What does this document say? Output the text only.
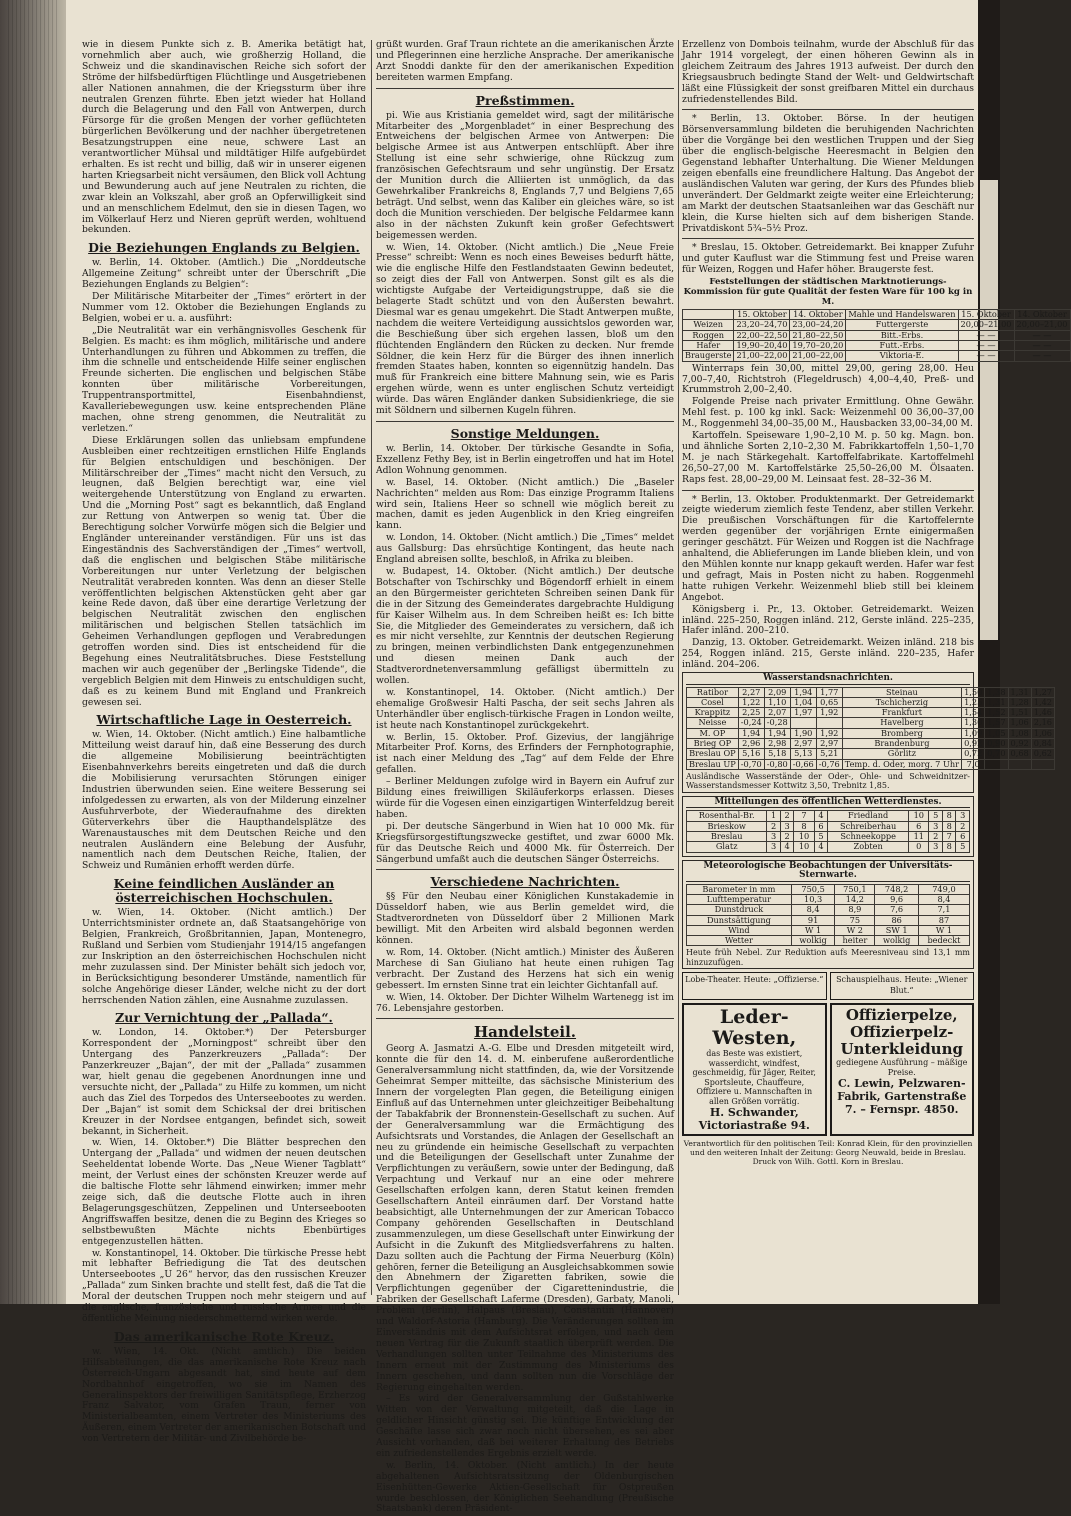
wie in diesem Punkte sich z. B. Amerika betätigt hat, vornehmlich aber auch, wie großherzig Holland, die Schweiz und die skandinavischen Reiche sich sofort der Ströme der hilfsbedürftigen Flüchtlinge und Ausgetriebenen aller Nationen annahmen, die der Kriegssturm über ihre neutralen Grenzen führte. Eben jetzt wieder hat Holland durch die Belagerung und den Fall von Antwerpen, durch Fürsorge für die großen Mengen der vorher geflüchteten bürgerlichen Bevölkerung und der nachher übergetretenen Besatzungstruppen eine neue, schwere Last an verantwortlicher Mühsal und mildtätiger Hilfe aufgebürdet erhalten. Es ist recht und billig, daß wir in unserer eigenen harten Kriegsarbeit nicht versäumen, den Blick voll Achtung und Bewunderung auch auf jene Neutralen zu richten, die zwar klein an Volkszahl, aber groß an Opferwilligkeit sind und an menschlichem Edelmut, den sie in diesen Tagen, wo im Völkerlauf Herz und Nieren geprüft werden, wohltuend bekunden.

Die Beziehungen Englands zu Belgien.

w. Berlin, 14. Oktober. (Amtlich.) Die „Norddeutsche Allgemeine Zeitung“ schreibt unter der Überschrift „Die Beziehungen Englands zu Belgien“:

Der Militärische Mitarbeiter der „Times“ erörtert in der Nummer vom 12. Oktober die Beziehungen Englands zu Belgien, wobei er u. a. ausführt:

„Die Neutralität war ein verhängnisvolles Geschenk für Belgien. Es macht: es ihm möglich, militärische und andere Unterhandlungen zu führen und Abkommen zu treffen, die ihm die schnelle und entscheidende Hilfe seiner englischen Freunde sicherten. Die englischen und belgischen Stäbe konnten über militärische Vorbereitungen, Truppentransportmittel, Eisenbahndienst, Kavalleriebewegungen usw. keine entsprechenden Pläne machen, ohne streng genommen, die Neutralität zu verletzen.“

Diese Erklärungen sollen das unliebsam empfundene Ausbleiben einer rechtzeitigen ernstlichen Hilfe Englands für Belgien entschuldigen und beschönigen. Der Militärschreiber der „Times“ macht nicht den Versuch, zu leugnen, daß Belgien berechtigt war, eine viel weitergehende Unterstützung von England zu erwarten. Und die „Morning Post“ sagt es bekanntlich, daß England zur Rettung von Antwerpen so wenig tat. Über die Berechtigung solcher Vorwürfe mögen sich die Belgier und Engländer untereinander verständigen. Für uns ist das Eingeständnis des Sachverständigen der „Times“ wertvoll, daß die englischen und belgischen Stäbe militärische Vorbereitungen nur unter Verletzung der belgischen Neutralität verabreden konnten. Was denn an dieser Stelle veröffentlichten belgischen Aktenstücken geht aber gar keine Rede davon, daß über eine derartige Verletzung der belgischen Neutralität zwischen den englischen militärischen und belgischen Stellen tatsächlich im Geheimen Verhandlungen gepflogen und Verabredungen getroffen worden sind. Dies ist entscheidend für die Begehung eines Neutralitätsbruches. Diese Feststellung machen wir auch gegenüber der „Berlingske Tidende“, die vergeblich Belgien mit dem Hinweis zu entschuldigen sucht, daß es zu keinem Bund mit England und Frankreich gewesen sei.

Wirtschaftliche Lage in Oesterreich.

w. Wien, 14. Oktober. (Nicht amtlich.) Eine halbamtliche Mitteilung weist darauf hin, daß eine Besserung des durch die allgemeine Mobilisierung beeinträchtigten Eisenbahnverkehrs bereits eingetreten und daß die durch die Mobilisierung verursachten Störungen einiger Industrien überwunden seien. Eine weitere Besserung sei infolgedessen zu erwarten, als von der Milderung einzelner Ausfuhrverbote, der Wiederaufnahme des direkten Güterverkehrs über die Haupthandelsplätze des Warenaustausches mit dem Deutschen Reiche und den neutralen Ausländern eine Belebung der Ausfuhr, namentlich nach dem Deutschen Reiche, Italien, der Schweiz und Rumänien erhofft werden dürfe.

Keine feindlichen Ausländer an österreichischen Hochschulen.

w. Wien, 14. Oktober. (Nicht amtlich.) Der Unterrichtsminister ordnete an, daß Staatsangehörige von Belgien, Frankreich, Großbritannien, Japan, Montenegro, Rußland und Serbien vom Studienjahr 1914/15 angefangen zur Inskription an den österreichischen Hochschulen nicht mehr zuzulassen sind. Der Minister behält sich jedoch vor, in Berücksichtigung besonderer Umstände, namentlich für solche Angehörige dieser Länder, welche nicht zu der dort herrschenden Nation zählen, eine Ausnahme zuzulassen.

Zur Vernichtung der „Pallada“.

w. London, 14. Oktober.*) Der Petersburger Korrespondent der „Morningpost“ schreibt über den Untergang des Panzerkreuzers „Pallada“: Der Panzerkreuzer „Bajan“, der mit der „Pallada“ zusammen war, hielt genau die gegebenen Anordnungen inne und versuchte nicht, der „Pallada“ zu Hilfe zu kommen, um nicht auch das Ziel des Torpedos des Unterseebootes zu werden. Der „Bajan“ ist somit dem Schicksal der drei britischen Kreuzer in der Nordsee entgangen, befindet sich, soweit bekannt, in Sicherheit.

w. Wien, 14. Oktober.*) Die Blätter besprechen den Untergang der „Pallada“ und widmen der neuen deutschen Seeheldentat lobende Worte. Das „Neue Wiener Tagblatt“ meint, der Verlust eines der schönsten Kreuzer werde auf die baltische Flotte sehr lähmend einwirken; immer mehr zeige sich, daß die deutsche Flotte auch in ihren Belagerungsgeschützen, Zeppelinen und Unterseebooten Angriffswaffen besitze, denen die zu Beginn des Krieges so selbstbewußten Mächte nichts Ebenbürtiges entgegenzustellen hätten.

w. Konstantinopel, 14. Oktober. Die türkische Presse hebt mit lebhafter Befriedigung die Tat des deutschen Unterseebootes „U 26“ hervor, das den russischen Kreuzer „Pallada“ zum Sinken brachte und stellt fest, daß die Tat die Moral der deutschen Truppen noch mehr steigern und auf die englische, französische und russische Armee und die öffentliche Meinung niederschmetternd wirken werde.

Das amerikanische Rote Kreuz.

w. Wien, 14. Okt. (Nicht amtlich.) Die beiden Hilfsabteilungen, die das amerikanische Rote Kreuz nach Österreich-Ungarn abgesandt hat, sind heute auf dem Nordbahnhof eingetroffen, wo sie im Namen des Generalinspektors der freiwilligen Sanitätspflege, Erzherzog Franz Salvator, vom Grafen Traun, ferner von Ministerialbeamten, einem Vertreter des Ministeriums des Äußeren, einem Vertreter der amerikanischen Botschaft und von Vertretern der Militär- und Zivilbehörde be-

grüßt wurden. Graf Traun richtete an die amerikanischen Ärzte und Pflegerinnen eine herzliche Ansprache. Der amerikanische Arzt Snoddi dankte für den der amerikanischen Expedition bereiteten warmen Empfang.

Preßstimmen.

pi. Wie aus Kristiania gemeldet wird, sagt der militärische Mitarbeiter des „Morgenbladet“ in einer Besprechung des Entweichens der belgischen Armee von Antwerpen: Die belgische Armee ist aus Antwerpen entschlüpft. Aber ihre Stellung ist eine sehr schwierige, ohne Rückzug zum französischen Gefechtsraum und sehr ungünstig. Der Ersatz der Munition durch die Alliierten ist unmöglich, da das Gewehrkaliber Frankreichs 8, Englands 7,7 und Belgiens 7,65 beträgt. Und selbst, wenn das Kaliber ein gleiches wäre, so ist doch die Munition verschieden. Der belgische Feldarmee kann also in der nächsten Zukunft kein großer Gefechtswert beigemessen werden.

w. Wien, 14. Oktober. (Nicht amtlich.) Die „Neue Freie Presse“ schreibt: Wenn es noch eines Beweises bedurft hätte, wie die englische Hilfe den Festlandstaaten Gewinn bedeutet, so zeigt dies der Fall von Antwerpen. Sonst gilt es als die wichtigste Aufgabe der Verteidigungstruppe, daß sie die belagerte Stadt schützt und von den Äußersten bewahrt. Diesmal war es genau umgekehrt. Die Stadt Antwerpen mußte, nachdem die weitere Verteidigung aussichtslos geworden war, die Beschießung über sich ergehen lassen, bloß um den flüchtenden Engländern den Rücken zu decken. Nur fremde Söldner, die kein Herz für die Bürger des ihnen innerlich fremden Staates haben, konnten so eigennützig handeln. Das muß für Frankreich eine bittere Mahnung sein, wie es Paris ergehen würde, wenn es unter englischen Schutz verteidigt würde. Das wären Engländer danken Subsidienkriege, die sie mit Söldnern und silbernen Kugeln führen.

Sonstige Meldungen.

w. Berlin, 14. Oktober. Der türkische Gesandte in Sofia, Exzellenz Fethy Bey, ist in Berlin eingetroffen und hat im Hotel Adlon Wohnung genommen.

w. Basel, 14. Oktober. (Nicht amtlich.) Die „Baseler Nachrichten“ melden aus Rom: Das einzige Programm Italiens wird sein, Italiens Heer so schnell wie möglich bereit zu machen, damit es jeden Augenblick in den Krieg eingreifen kann.

w. London, 14. Oktober. (Nicht amtlich.) Die „Times“ meldet aus Gallsburg: Das ehrsüchtige Kontingent, das heute nach England abreisen sollte, beschloß, in Afrika zu bleiben.

w. Budapest, 14. Oktober. (Nicht amtlich.) Der deutsche Botschafter von Tschirschky und Bögendorff erhielt in einem an den Bürgermeister gerichteten Schreiben seinen Dank für die in der Sitzung des Gemeinderates dargebrachte Huldigung für Kaiser Wilhelm aus. In dem Schreiben heißt es: Ich bitte Sie, die Mitglieder des Gemeinderates zu versichern, daß ich es mir nicht versehlte, zur Kenntnis der deutschen Regierung zu bringen, meinen verbindlichsten Dank entgegenzunehmen und diesen meinen Dank auch der Stadtverordnetenversammlung gefälligst übermitteln zu wollen.

w. Konstantinopel, 14. Oktober. (Nicht amtlich.) Der ehemalige Großwesir Halti Pascha, der seit sechs Jahren als Unterhändler über englisch-türkische Fragen in London weilte, ist heute nach Konstantinopel zurückgekehrt.

w. Berlin, 15. Oktober. Prof. Gizevius, der langjährige Mitarbeiter Prof. Korns, des Erfinders der Fernphotographie, ist nach einer Meldung des „Tag“ auf dem Felde der Ehre gefallen.

– Berliner Meldungen zufolge wird in Bayern ein Aufruf zur Bildung eines freiwilligen Skiläuferkorps erlassen. Dieses würde für die Vogesen einen einzigartigen Winterfeldzug bereit haben.

pi. Der deutsche Sängerbund in Wien hat 10 000 Mk. für Kriegsfürsorgestiftungszwecke gestiftet, und zwar 6000 Mk. für das Deutsche Reich und 4000 Mk. für Österreich. Der Sängerbund umfaßt auch die deutschen Sänger Österreichs.

Verschiedene Nachrichten.

§§ Für den Neubau einer Königlichen Kunstakademie in Düsseldorf haben, wie aus Berlin gemeldet wird, die Stadtverordneten von Düsseldorf über 2 Millionen Mark bewilligt. Mit den Arbeiten wird alsbald begonnen werden können.

w. Rom, 14. Oktober. (Nicht amtlich.) Minister des Äußeren Marchese di San Giuliano hat heute einen ruhigen Tag verbracht. Der Zustand des Herzens hat sich ein wenig gebessert. Im ernsten Sinne trat ein leichter Gichtanfall auf.

w. Wien, 14. Oktober. Der Dichter Wilhelm Wartenegg ist im 76. Lebensjahre gestorben.

Handelsteil.

Georg A. Jasmatzi A.-G. Elbe und Dresden mitgeteilt wird, konnte die für den 14. d. M. einberufene außerordentliche Generalversammlung nicht stattfinden, da, wie der Vorsitzende Geheimrat Semper mitteilte, das sächsische Ministerium des Innern der vorgelegten Plan gegen, die Beteiligung einigen Einfluß auf das Unternehmen unter gleichzeitiger Beibehaltung der Tabakfabrik der Bronnenstein-Gesellschaft zu suchen. Auf der Generalversammlung war die Ermächtigung des Aufsichtsrats und Vorstandes, die Anlagen der Gesellschaft an neu zu gründende ein heimische Gesellschaft zu verpachten und die Beteiligungen der Gesellschaft unter Zunahme der Verpflichtungen zu veräußern, sowie unter der Bedingung, daß Verpachtung und Verkauf nur an eine oder mehrere Gesellschaften erfolgen kann, deren Statut keinen fremden Gesellschaftern Anteil einräumen darf. Der Vorstand hatte beabsichtigt, alle Unternehmungen der zur American Tobacco Company gehörenden Gesellschaften in Deutschland zusammenzulegen, um diese Gesellschaft unter Einwirkung der Aufsicht in die Zukunft des Mitgliedsverfahrens zu halten. Dazu sollten auch die Pachtung der Firma Neuerburg (Köln) gehören, ferner die Beteiligung an Ausgleichsabkommen sowie den Abnehmern der Zigaretten fabriken, sowie die Verpflichtungen gegenüber der Cigarettenindustrie, die Fabriken der Gesellschaft Laferme (Dresden), Garbaty, Manoli, Problem (Berlin), Halpaus (Breslau), Constantin (Hannover) und Waldorf-Astoria (Hamburg). Die Veränderungen sollten im Einverständnis mit dem Aufsichtsrat erfolgen, und nach dem neuen Vertrag für die Zukunft staatlich überprüft werden. Die Verhandlungen sollten unter Teilnahme des Ministeriums des Innern erneut mit der Zustimmung des Ministeriums des Innern geschehen, und dann sollten nun die Vorschläge der Regierung eingehalten werden.

– Es wird der Generalversammlung der Gußstahlwerke Witten von der Verwaltung mitgeteilt, daß die Lage in geldlicher Hinsicht günstig sei. Die künftige Entwicklung der Geschäfte lasse sich zwar noch nicht übersehen, es sei aber Aussicht vorhanden, daß bei weiterer Erhaltung des Betriebs ein zufriedenstellendes Ergebnis erzielt werde.

w. Berlin, 14. Oktober. (Nicht amtlich.) In der heute abgehaltenen Aufsichtsratssitzung der Oldenburgischen Eisenhütten-Gewerke Aktien-Gesellschaft für Ostpreußen wurde beschlossen, der Königlichen Seehandlung (Preußische Staatsbank) deren Präsident-

Erzellenz von Dombois teilnahm, wurde der Abschluß für das Jahr 1914 vorgelegt, der einen höheren Gewinn als in gleichem Zeitraum des Jahres 1913 aufweist. Der durch den Kriegsausbruch bedingte Stand der Welt- und Geldwirtschaft läßt eine Flüssigkeit der sonst greifbaren Mittel ein durchaus zufriedenstellendes Bild.

* Berlin, 13. Oktober. Börse. In der heutigen Börsenversammlung bildeten die beruhigenden Nachrichten über die Vorgänge bei den westlichen Truppen und der Sieg über die englisch-belgische Heeresmacht in Belgien den Gegenstand lebhafter Unterhaltung. Die Wiener Meldungen zeigen ebenfalls eine freundlichere Haltung. Das Angebot der ausländischen Valuten war gering, der Kurs des Pfundes blieb unverändert. Der Geldmarkt zeigte weiter eine Erleichterung; am Markt der deutschen Staatsanleihen war das Geschäft nur klein, die Kurse hielten sich auf dem bisherigen Stande. Privatdiskont 5¾–5½ Proz.

* Breslau, 15. Oktober. Getreidemarkt. Bei knapper Zufuhr und guter Kauflust war die Stimmung fest und Preise waren für Weizen, Roggen und Hafer höher. Braugerste fest.

Feststellungen der städtischen Marktnotierungs-Kommission für gute Qualität der festen Ware für 100 kg in M.
	15. Oktober	14. Oktober	Mahle und Handelswaren	15. Oktober	14. Oktober
Weizen	23,20–24,70	23,00–24,20	Futtergerste	20,00–21,00	20,00–21,00
Roggen	22,00–22,50	21,80–22,50	Bitt.-Erbs.	— —	— —
Hafer	19,90–20,40	19,70–20,20	Futt.-Erbs.	— —	— —
Braugerste	21,00–22,00	21,00–22,00	Viktoria-E.	— —	— —

Winterraps fein 30,00, mittel 29,00, gering 28,00. Heu 7,00–7,40, Richtstroh (Flegeldrusch) 4,00–4,40, Preß- und Krummstroh 2,00–2,40.

Folgende Preise nach privater Ermittlung. Ohne Gewähr. Mehl fest. p. 100 kg inkl. Sack: Weizenmehl 00 36,00–37,00 M., Roggenmehl 34,00–35,00 M., Hausbacken 33,00–34,00 M.

Kartoffeln. Speiseware 1,90–2,10 M. p. 50 kg. Magn. bon. und ähnliche Sorten 2,10–2,30 M. Fabrikkartoffeln 1,50–1,70 M. je nach Stärkegehalt. Kartoffelfabrikate. Kartoffelmehl 26,50–27,00 M. Kartoffelstärke 25,50–26,00 M. Ölsaaten. Raps fest. 28,00–29,00 M. Leinsaat fest. 28–32–36 M.

* Berlin, 13. Oktober. Produktenmarkt. Der Getreidemarkt zeigte wiederum ziemlich feste Tendenz, aber stillen Verkehr. Die preußischen Vorschäftungen für die Kartoffelernte werden gegenüber der vorjährigen Ernte einigermaßen geringer geschätzt. Für Weizen und Roggen ist die Nachfrage anhaltend, die Ablieferungen im Lande blieben klein, und von den Mühlen konnte nur knapp gekauft werden. Hafer war fest und gefragt, Mais in Posten nicht zu haben. Roggenmehl hatte ruhigen Verkehr. Weizenmehl blieb still bei kleinem Angebot.

Königsberg i. Pr., 13. Oktober. Getreidemarkt. Weizen inländ. 225–250, Roggen inländ. 212, Gerste inländ. 225–235, Hafer inländ. 200–210.

Danzig, 13. Oktober. Getreidemarkt. Weizen inländ. 218 bis 254, Roggen inländ. 215, Gerste inländ. 220–235, Hafer inländ. 204–206.

Wasserstandsnachrichten.
Ratibor	2,27	2,09	1,94	1,77	Steinau	1,50	1,38	1,31	1,27
Cosel	1,22	1,10	1,04	0,65	Tschicherzig	1,25	1,31	1,28	1,42
Krappitz	2,25	2,07	1,97	1,92	Frankfurt	1,54	1,52	1,51	1,46
Neisse	-0,24	-0,28			Havelberg	1,30	1,57	1,06	2,16
M. OP	1,94	1,94	1,90	1,92	Bromberg	1,09	1,05	1,08	1,06
Brieg OP	2,96	2,98	2,97	2,97	Brandenburg	0,92	0,90	0,92	0,84
Breslau OP	5,16	5,18	5,13	5,21	Görlitz	0,72	0,70	0,68	0,62
Breslau UP	-0,70	-0,80	-0,66	-0,76	Temp. d. Oder, morg. 7 Uhr	7,0			
Ausländische Wasserstände der Oder-, Ohle- und Schweidnitzer-Wasserstandsmesser Kottwitz 3,50, Trebnitz 1,85.
Mitteilungen des öffentlichen Wetterdienstes.
Rosenthal-Br.	1	2	7	4	Friedland	10	5	8	3
Brieskow	2	3	8	6	Schreiberhau	6	3	8	2
Breslau	3	2	10	5	Schneekoppe	11	2	7	6
Glatz	3	4	10	4	Zobten	0	3	8	5
Meteorologische Beobachtungen der Universitäts-Sternwarte.
Barometer in mm	750,5	750,1	748,2	749,0
Lufttemperatur	10,3	14,2	9,6	8,4
Dunstdruck	8,4	8,9	7,6	7,1
Dunstsättigung	91	75	86	87
Wind	W 1	W 2	SW 1	W 1
Wetter	wolkig	heiter	wolkig	bedeckt
Heute früh Nebel. Zur Reduktion aufs Meeresniveau sind 13,1 mm hinzuzufügen.
Lobe-Theater. Heute: „Offizierse.“	Schauspielhaus. Heute: „Wiener Blut.“
Leder-Westen,
das Beste was existiert, wasserdicht, windfest, geschmeidig, für Jäger, Reiter, Sportsleute, Chauffeure, Offiziere u. Mannschaften in allen Größen vorrätig.
H. Schwander, Victoriastraße 94.
Offizierpelze, Offizierpelz-Unterkleidung
gediegene Ausführung – mäßige Preise.
C. Lewin, Pelzwaren-Fabrik, Gartenstraße 7. – Fernspr. 4850.
Verantwortlich für den politischen Teil: Konrad Klein, für den provinziellen und den weiteren Inhalt der Zeitung: Georg Neuwald, beide in Breslau. Druck von Wilh. Gottl. Korn in Breslau.
